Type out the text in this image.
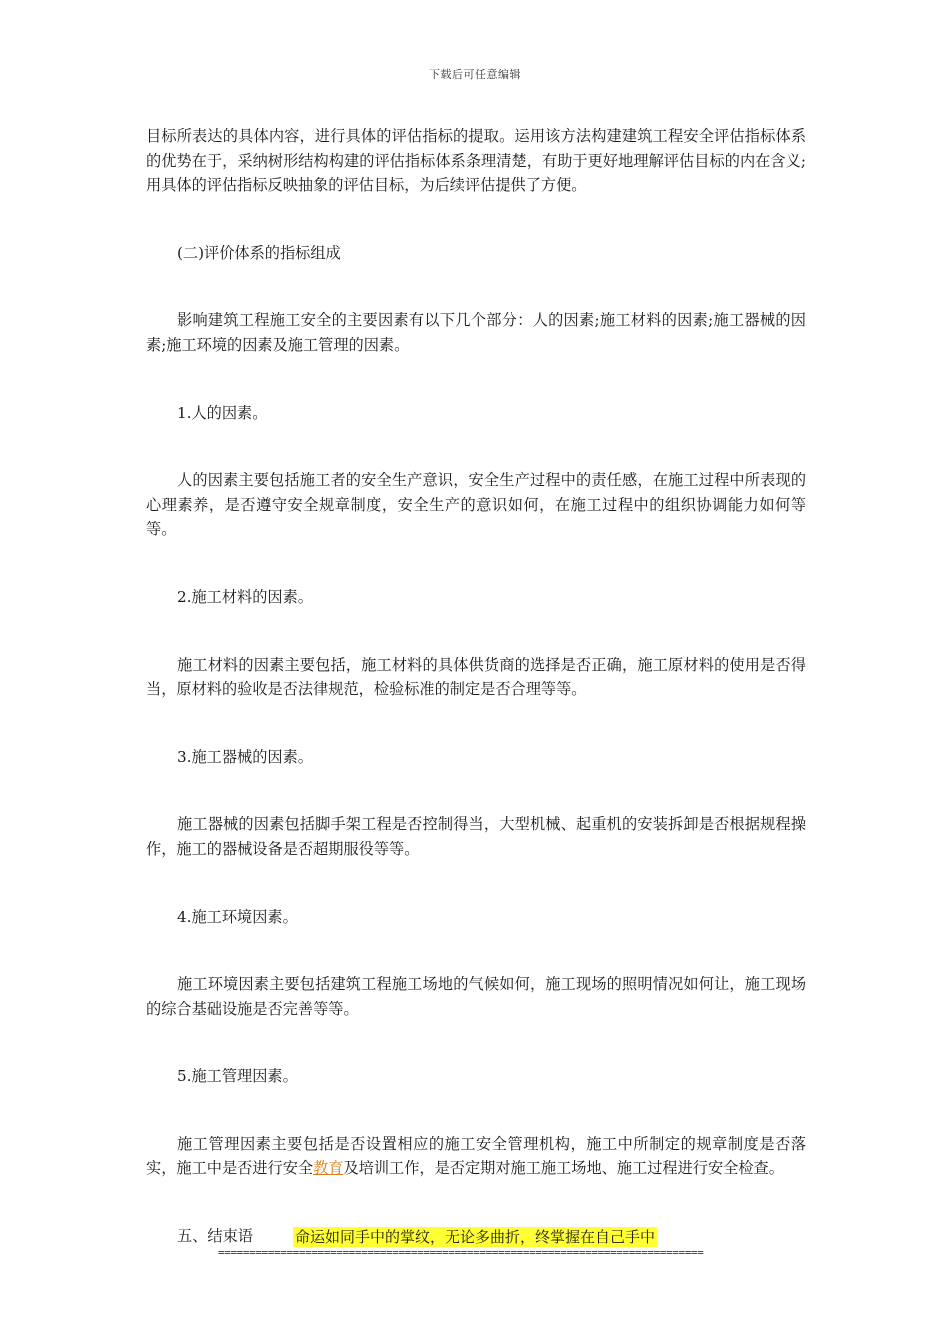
下载后可任意编辑

目标所表达的具体内容，进行具体的评估指标的提取。运用该方法构建建筑工程安全评估指标体系的优势在于，采纳树形结构构建的评估指标体系条理清楚，有助于更好地理解评估目标的内在含义;用具体的评估指标反映抽象的评估目标，为后续评估提供了方便。

(二)评价体系的指标组成

影响建筑工程施工安全的主要因素有以下几个部分：人的因素;施工材料的因素;施工器械的因素;施工环境的因素及施工管理的因素。

1.人的因素。

人的因素主要包括施工者的安全生产意识，安全生产过程中的责任感，在施工过程中所表现的心理素养，是否遵守安全规章制度，安全生产的意识如何，在施工过程中的组织协调能力如何等等。

2.施工材料的因素。

施工材料的因素主要包括，施工材料的具体供货商的选择是否正确，施工原材料的使用是否得当，原材料的验收是否法律规范，检验标准的制定是否合理等等。

3.施工器械的因素。

施工器械的因素包括脚手架工程是否控制得当，大型机械、起重机的安装拆卸是否根据规程操作，施工的器械设备是否超期服役等等。

4.施工环境因素。

施工环境因素主要包括建筑工程施工场地的气候如何，施工现场的照明情况如何让，施工现场的综合基础设施是否完善等等。

5.施工管理因素。

施工管理因素主要包括是否设置相应的施工安全管理机构，施工中所制定的规章制度是否落实，施工中是否进行安全教育及培训工作，是否定期对施工施工场地、施工过程进行安全检查。

五、结束语	命运如同手中的掌纹，无论多曲折，终掌握在自己手中
==============================================================================
